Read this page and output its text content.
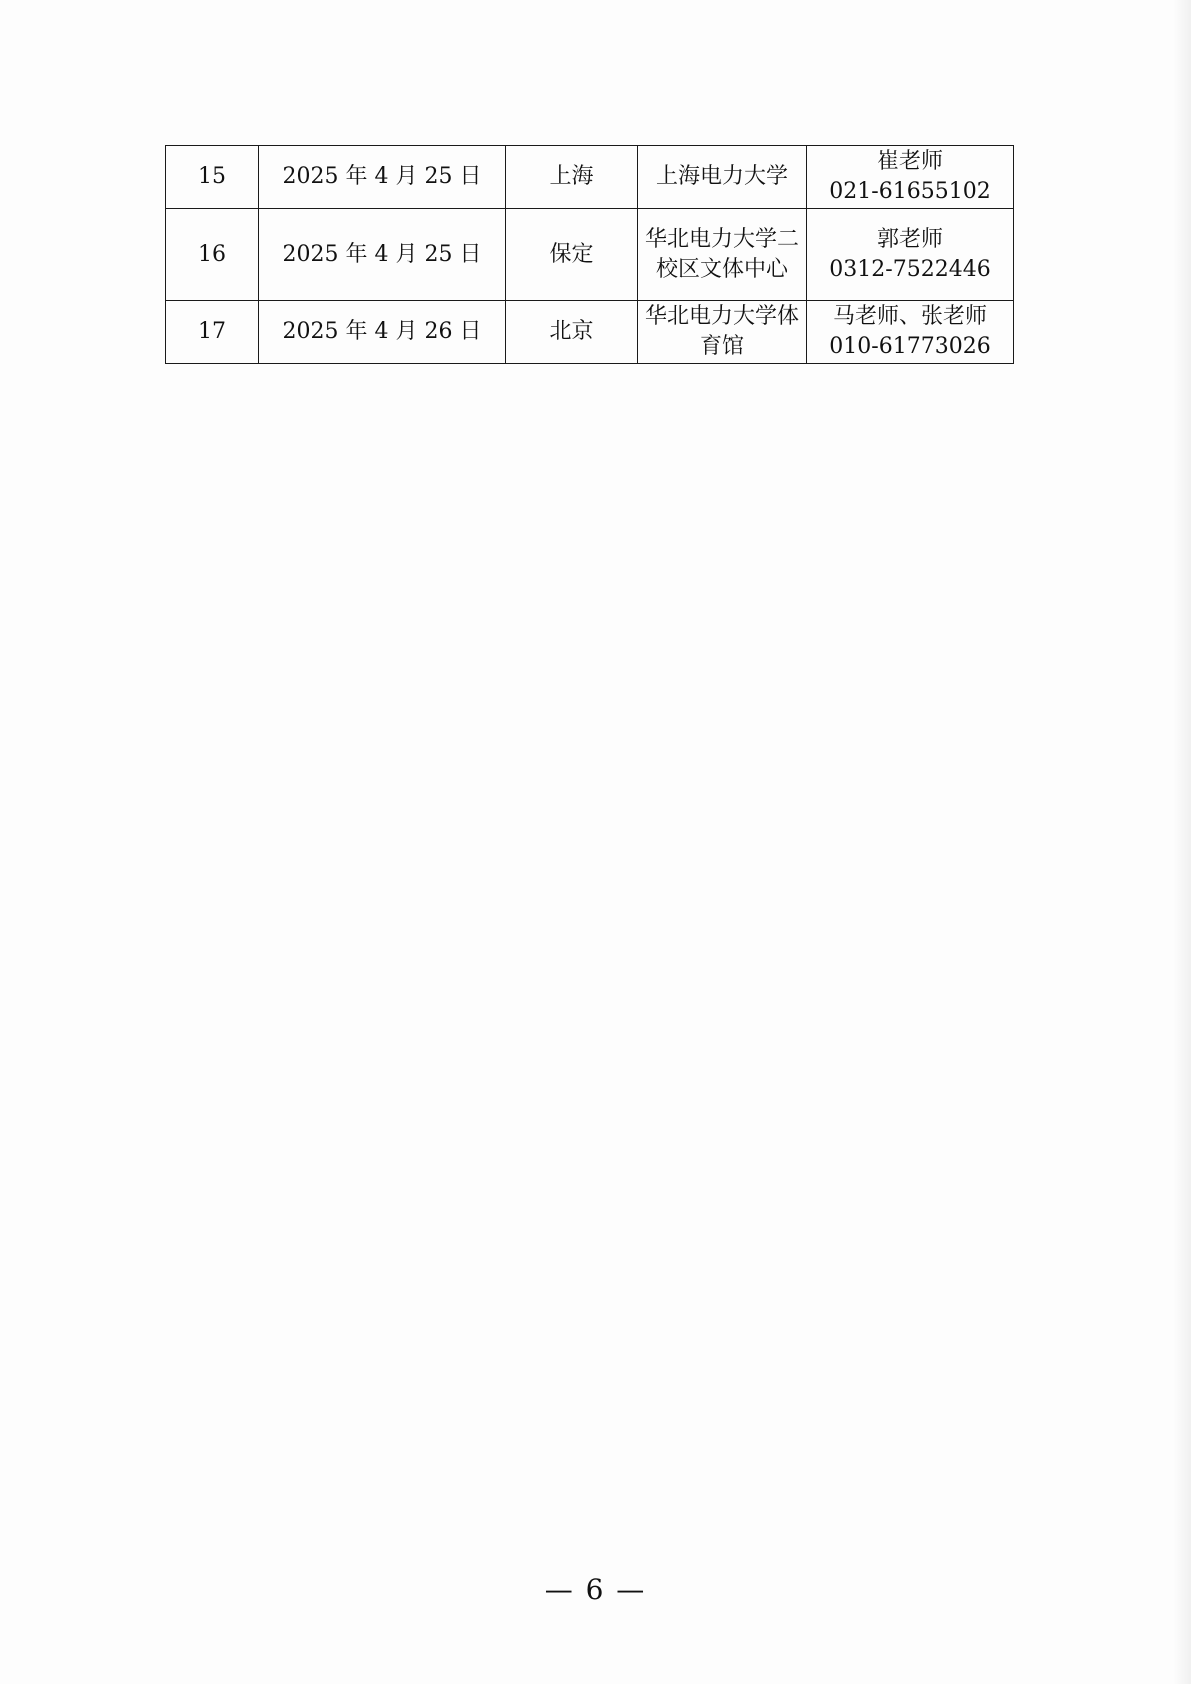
15	2025 年 4 月 25 日	上海	上海电力大学	崔老师
021-61655102

16	2025 年 4 月 25 日	保定	华北电力大学二校区文体中心	郭老师
0312-7522446

17	2025 年 4 月 26 日	北京	华北电力大学体育馆	马老师、张老师
010-61773026
— 6 —
